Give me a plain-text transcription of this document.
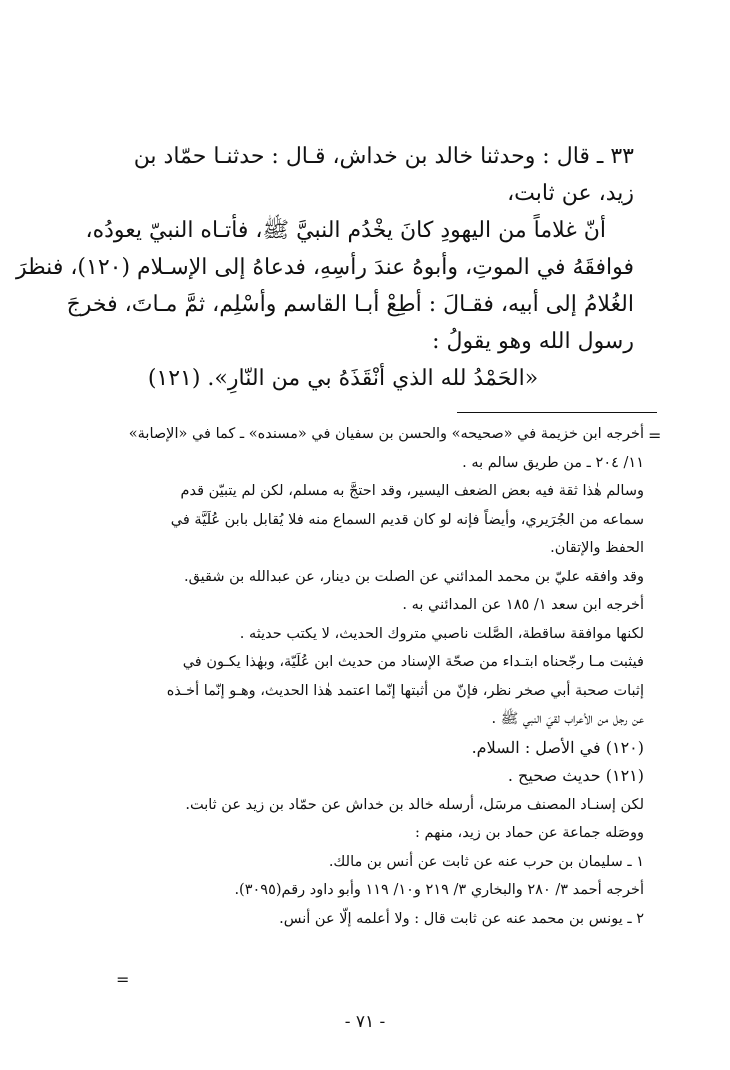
٣٣ ـ قال : وحدثنا خالد بن خداش، قـال : حدثنـا حمّاد بن
زيد، عن ثابت،
أنّ غلاماً من اليهودِ كانَ يخْدُم النبيَّ ﷺ، فأتـاه النبيّ يعودُه،
فوافقَهُ في الموتِ، وأبوهُ عندَ رأسِهِ، فدعاهُ إلى الإسـلام (١٢٠)، فنظرَ
الغُلامُ إلى أبيه، فقـالَ : أطِعْ أبـا القاسم وأسْلِم، ثمَّ مـاتَ، فخرجَ
رسول الله وهو يقولُ :
«الحَمْدُ لله الذي أنْقَذَهُ بي من النّارِ». (١٢١)
=
=
أخرجه ابن خزيمة في «صحيحه» والحسن بن سفيان في «مسنده» ـ كما في «الإصابة»
١١/ ٢٠٤ ـ من طريق سالم به .
وسالم هٰذا ثقة فيه بعض الضعف اليسير، وقد احتجَّ به مسلم، لكن لم يتبيّن قدم
سماعه من الجُرَيري، وأيضاً فإنه لو كان قديم السماع منه فلا يُقابل بابن عُلَيَّة في
الحفظ والإتقان.
وقد وافقه عليّ بن محمد المدائني عن الصلت بن دينار، عن عبدالله بن شقيق.
أخرجه ابن سعد ١/ ١٨٥ عن المدائني به .
لكنها موافقة ساقطة، الصَّلت ناصبي متروك الحديث، لا يكتب حديثه .
فيثبت مـا رجّحناه ابتـداء من صحّة الإسناد من حديث ابن عُلَيّة، وبهٰذا يكـون في
إثبات صحبة أبي صخر نظر، فإنّ من أثبتها إنّما اعتمد هٰذا الحديث، وهـو إنّما أخـذه
عن رجل من الأعراب لقيَ النبي ﷺ .
(١٢٠) في الأصل : السلام.
(١٢١) حديث صحيح .
لكن إسنـاد المصنف مرسَل، أرسله خالد بن خداش عن حمّاد بن زيد عن ثابت.
ووصَله جماعة عن حماد بن زيد، منهم :
١ ـ سليمان بن حرب عنه عن ثابت عن أنس بن مالك.
أخرجه أحمد ٣/ ٢٨٠ والبخاري ٣/ ٢١٩ و١٠/ ١١٩ وأبو داود رقم(٣٠٩٥).
٢ ـ يونس بن محمد عنه عن ثابت قال : ولا أعلمه إلّا عن أنس.
- ٧١ -
